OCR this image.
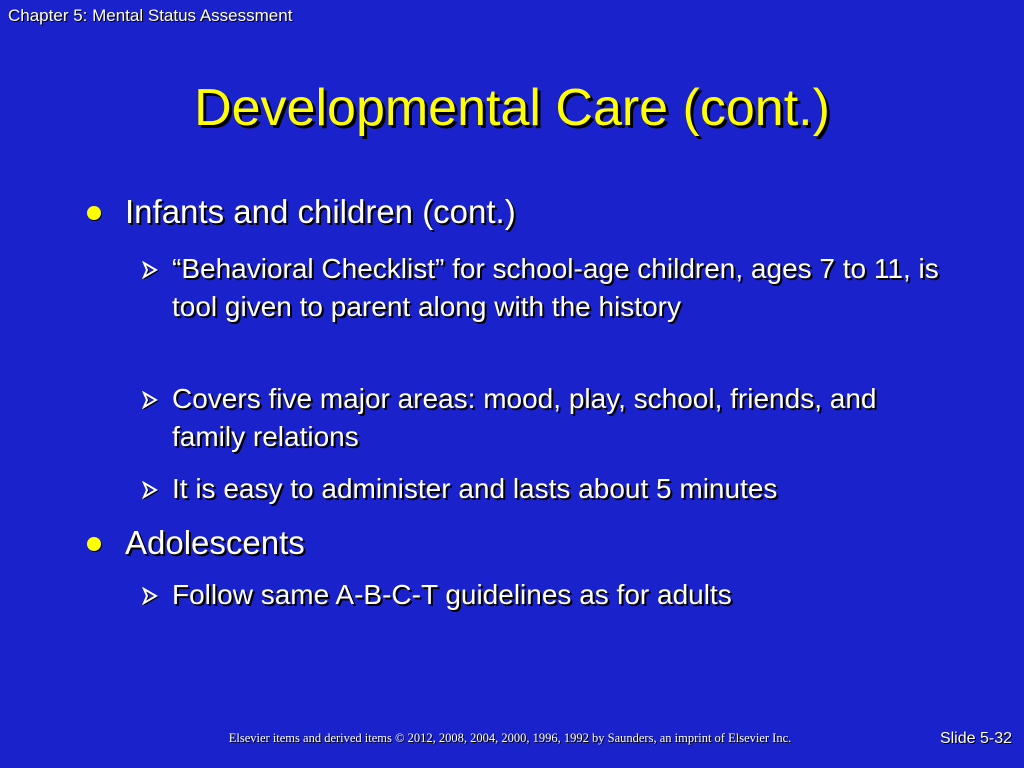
Chapter 5: Mental Status Assessment
Developmental Care (cont.)
Infants and children (cont.)
“Behavioral Checklist” for school-age children, ages 7 to 11, is tool given to parent along with the history
Covers five major areas: mood, play, school, friends, and family relations
It is easy to administer and lasts about 5 minutes
Adolescents
Follow same A-B-C-T guidelines as for adults
Elsevier items and derived items © 2012, 2008, 2004, 2000, 1996, 1992 by Saunders, an imprint of Elsevier Inc.	Slide 5-32
